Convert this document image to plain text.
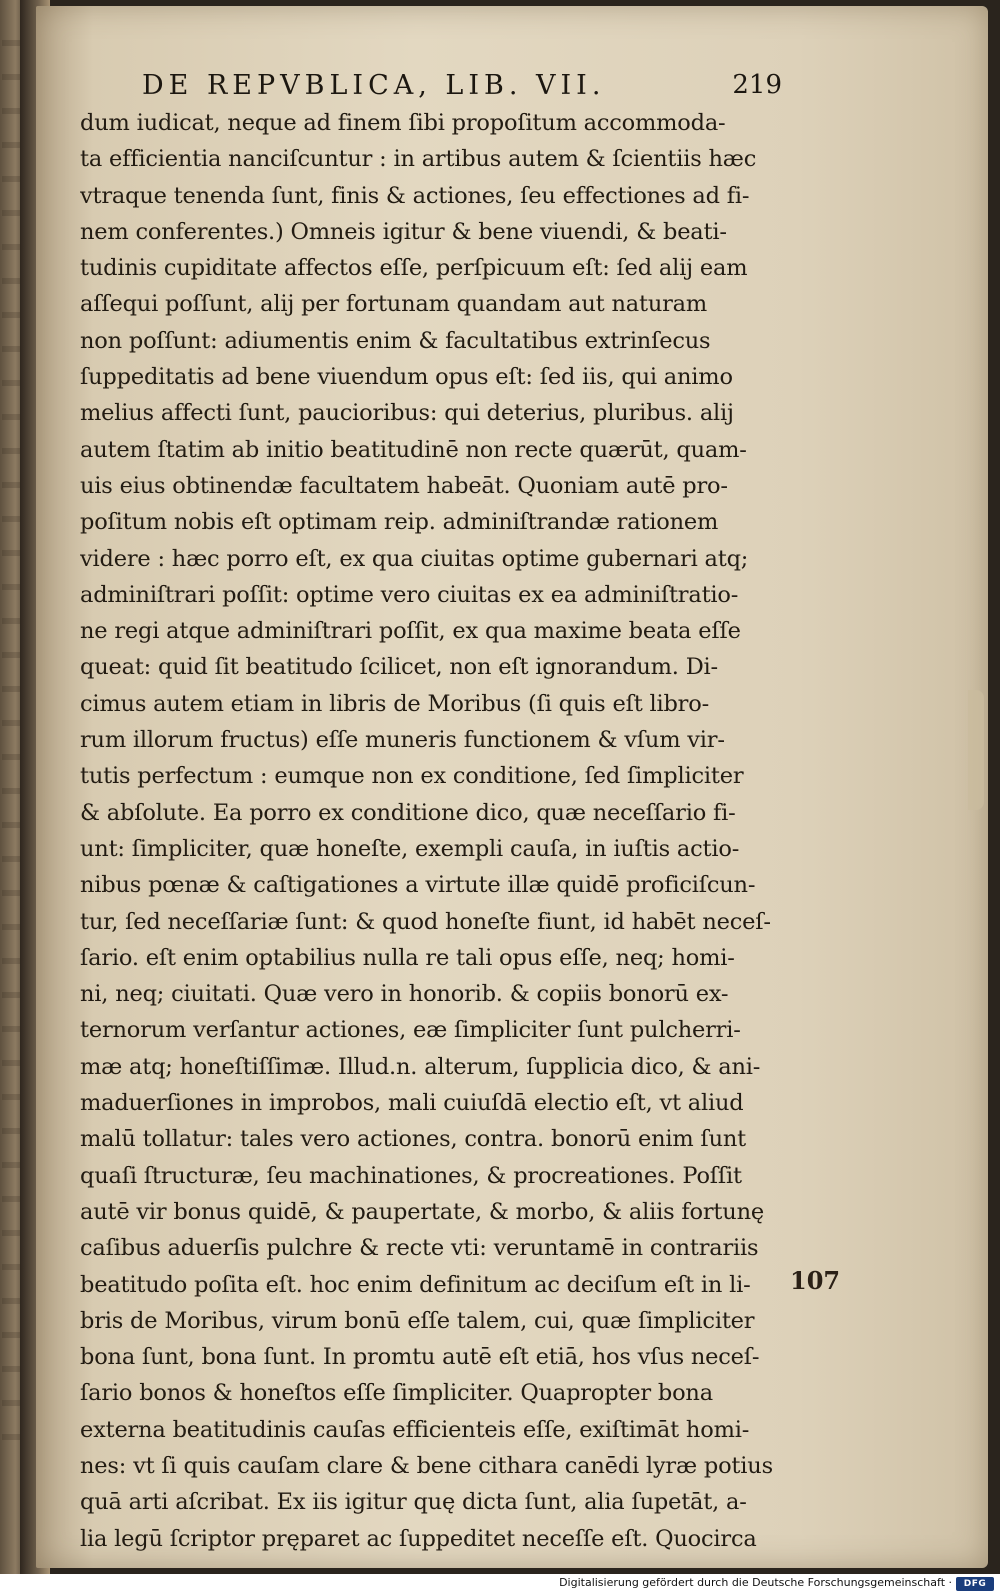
DE REPVBLICA, LIB. VII.	219
dum iudicat, neque ad finem ſibi propoſitum accommoda-
ta efficientia nanciſcuntur : in artibus autem & ſcientiis hæc
vtraque tenenda ſunt, finis & actiones, ſeu effectiones ad fi-
nem conferentes.) Omneis igitur & bene viuendi, & beati-
tudinis cupiditate affectos eſſe, perſpicuum eſt: ſed alij eam
aſſequi poſſunt, alij per fortunam quandam aut naturam
non poſſunt: adiumentis enim & facultatibus extrinſecus
ſuppeditatis ad bene viuendum opus eſt: ſed iis, qui animo
melius affecti ſunt, paucioribus: qui deterius, pluribus. alij
autem ſtatim ab initio beatitudinē non recte quærūt, quam-
uis eius obtinendæ facultatem habeāt. Quoniam autē pro-
poſitum nobis eſt optimam reip. adminiſtrandæ rationem
videre : hæc porro eſt, ex qua ciuitas optime gubernari atq;
adminiſtrari poſſit: optime vero ciuitas ex ea adminiſtratio-
ne regi atque adminiſtrari poſſit, ex qua maxime beata eſſe
queat: quid ſit beatitudo ſcilicet, non eſt ignorandum. Di-
cimus autem etiam in libris de Moribus (ſi quis eſt libro-
rum illorum fructus) eſſe muneris functionem & vſum vir-
tutis perfectum : eumque non ex conditione, ſed ſimpliciter
& abſolute. Ea porro ex conditione dico, quæ neceſſario fi-
unt: ſimpliciter, quæ honeſte, exempli cauſa, in iuſtis actio-
nibus pœnæ & caſtigationes a virtute illæ quidē proficiſcun-
tur, ſed neceſſariæ ſunt: & quod honeſte fiunt, id habēt neceſ-
ſario. eſt enim optabilius nulla re tali opus eſſe, neq; homi-
ni, neq; ciuitati. Quæ vero in honorib. & copiis bonorū ex-
ternorum verſantur actiones, eæ ſimpliciter ſunt pulcherri-
mæ atq; honeſtiſſimæ. Illud.n. alterum, ſupplicia dico, & ani-
maduerſiones in improbos, mali cuiuſdā electio eſt, vt aliud
malū tollatur: tales vero actiones, contra. bonorū enim ſunt
quaſi ſtructuræ, ſeu machinationes, & procreationes. Poſſit
autē vir bonus quidē, & paupertate, & morbo, & aliis fortunę
caſibus aduerſis pulchre & recte vti: veruntamē in contrariis
beatitudo poſita eſt. hoc enim definitum ac deciſum eſt in li-
bris de Moribus, virum bonū eſſe talem, cui, quæ ſimpliciter
bona ſunt, bona ſunt. In promtu autē eſt etiā, hos vſus neceſ-
ſario bonos & honeſtos eſſe ſimpliciter. Quapropter bona
externa beatitudinis cauſas efficienteis eſſe, exiſtimāt homi-
nes: vt ſi quis cauſam clare & bene cithara canēdi lyræ potius
quā arti aſcribat. Ex iis igitur quę dicta ſunt, alia ſupetāt, a-
lia legū ſcriptor pręparet ac ſuppeditet neceſſe eſt. Quocirca
107
Digitalisierung gefördert durch die Deutsche Forschungsgemeinschaft ·	DFG
